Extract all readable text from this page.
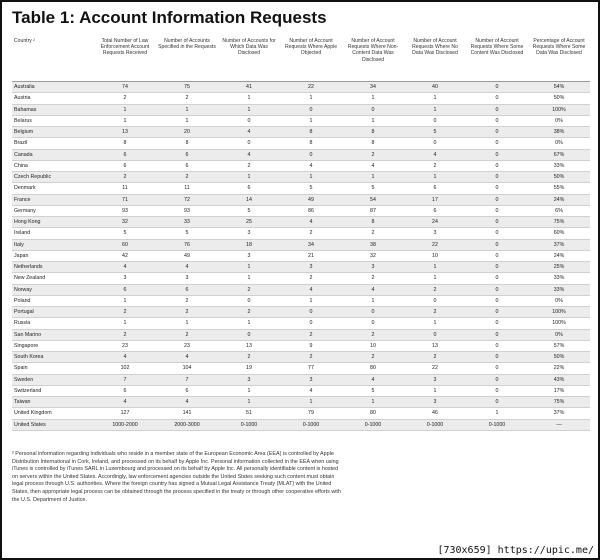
Table 1: Account Information Requests
Country ²	Total Number of Law Enforcement Account Requests Received	Number of Accounts Specified in the Requests	Number of Accounts for Which Data Was Disclosed	Number of Account Requests Where Apple Objected	Number of Account Requests Where Non-Content Data Was Disclosed	Number of Account Requests Where No Data Was Disclosed	Number of Account Requests Where Some Content Was Disclosed	Percentage of Account Requests Where Some Data Was Disclosed
Australia	74	75	41	22	34	40	0	54%
Austria	2	2	1	1	1	1	0	50%
Bahamas	1	1	1	0	0	1	0	100%
Belarus	1	1	0	1	1	0	0	0%
Belgium	13	20	4	8	8	5	0	38%
Brazil	8	8	0	8	8	0	0	0%
Canada	6	6	4	0	2	4	0	67%
China	6	6	2	4	4	2	0	33%
Czech Republic	2	2	1	1	1	1	0	50%
Denmark	11	11	6	5	5	6	0	55%
France	71	72	14	49	54	17	0	24%
Germany	93	93	5	86	87	6	0	6%
Hong Kong	32	33	25	4	8	24	0	75%
Ireland	5	5	3	2	2	3	0	60%
Italy	60	76	18	34	38	22	0	37%
Japan	42	49	3	21	32	10	0	24%
Netherlands	4	4	1	3	3	1	0	25%
New Zealand	3	3	1	2	2	1	0	33%
Norway	6	6	2	4	4	2	0	33%
Poland	1	2	0	1	1	0	0	0%
Portugal	2	2	2	0	0	2	0	100%
Russia	1	1	1	0	0	1	0	100%
San Marino	2	2	0	2	2	0	0	0%
Singapore	23	23	13	9	10	13	0	57%
South Korea	4	4	2	2	2	2	0	50%
Spain	102	104	19	77	80	22	0	22%
Sweden	7	7	3	3	4	3	0	43%
Switzerland	6	6	1	4	5	1	0	17%
Taiwan	4	4	1	1	1	3	0	75%
United Kingdom	127	141	51	79	80	46	1	37%
United States	1000-2000	2000-3000	0-1000	0-1000	0-1000	0-1000	0-1000	—
² Personal information regarding individuals who reside in a member state of the European Economic Area (EEA) is controlled by Apple Distribution International in Cork, Ireland, and processed on its behalf by Apple Inc. Personal information collected in the EEA when using iTunes is controlled by iTunes SARL in Luxembourg and processed on its behalf by Apple Inc. All personally identifiable content is hosted on servers within the United States. Accordingly, law enforcement agencies outside the United States seeking such content must obtain legal process through U.S. authorities. Where the foreign country has signed a Mutual Legal Assistance Treaty (MLAT) with the United States, then appropriate legal process can be obtained through the process specified in the treaty or through other cooperative efforts with the U.S. Department of Justice.
[730x659] https://upic.me/
